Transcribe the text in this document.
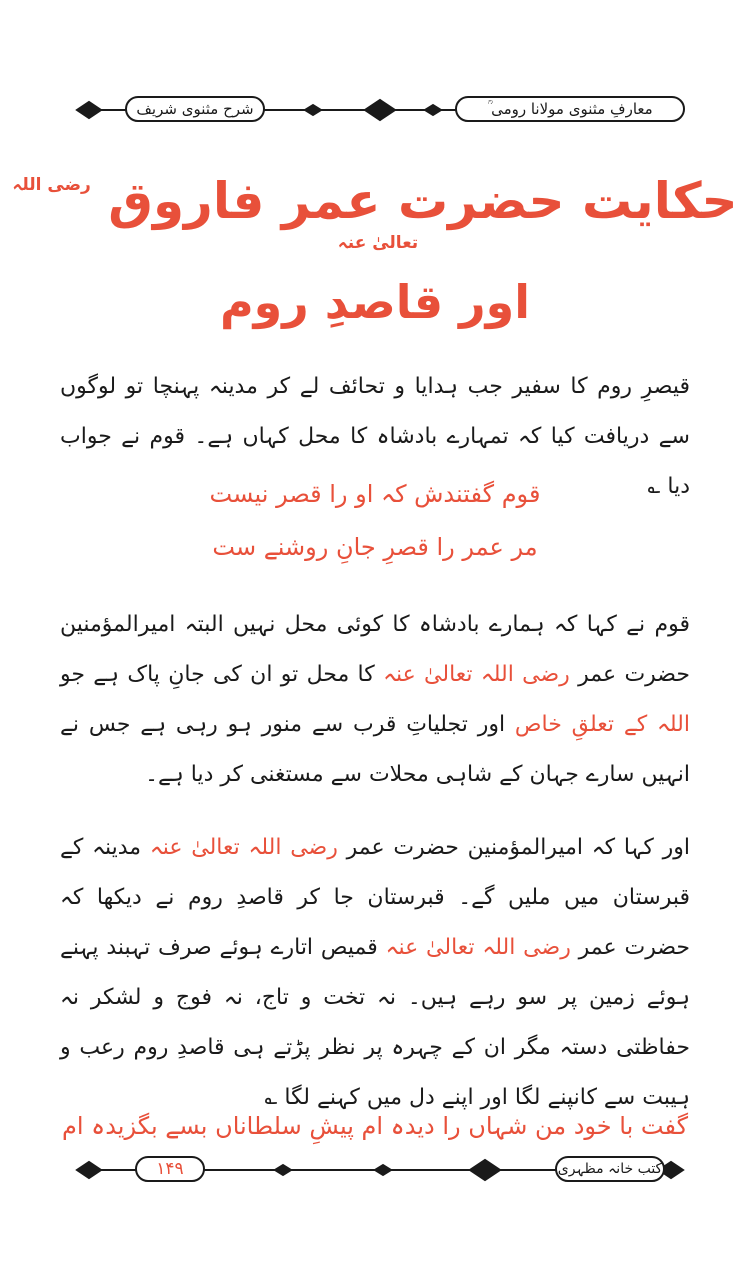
شرح مثنوی شریف	معارفِ مثنوی مولانا رومی ؒ
حکایت حضرت عمر فاروق $^{رضی اللہ تعالیٰ عنہ}$
اور قاصدِ روم
قیصرِ روم کا سفیر جب ہدایا و تحائف لے کر مدینہ پہنچا تو لوگوں سے دریافت کیا کہ تمہارے بادشاہ کا محل کہاں ہے۔ قوم نے جواب دیا ؎
قوم گفتندش کہ او را قصر نیست
مر عمر را قصرِ جانِ روشنے ست
قوم نے کہا کہ ہمارے بادشاہ کا کوئی محل نہیں البتہ امیرالمؤمنین حضرت عمر رضی اللہ تعالیٰ عنہ کا محل تو ان کی جانِ پاک ہے جو اللہ کے تعلقِ خاص اور تجلیاتِ قرب سے منور ہو رہی ہے جس نے انہیں سارے جہان کے شاہی محلات سے مستغنی کر دیا ہے۔
اور کہا کہ امیرالمؤمنین حضرت عمر رضی اللہ تعالیٰ عنہ مدینہ کے قبرستان میں ملیں گے۔ قبرستان جا کر قاصدِ روم نے دیکھا کہ حضرت عمر رضی اللہ تعالیٰ عنہ قمیص اتارے ہوئے صرف تہبند پہنے ہوئے زمین پر سو رہے ہیں۔ نہ تخت و تاج، نہ فوج و لشکر نہ حفاظتی دستہ مگر ان کے چہرہ پر نظر پڑتے ہی قاصدِ روم رعب و ہیبت سے کانپنے لگا اور اپنے دل میں کہنے لگا ؎
گفت با خود من شہاں را دیدہ ام پیشِ سلطاناں بسے بگزیدہ ام
۱۴۹	کتب خانہ مظہری
